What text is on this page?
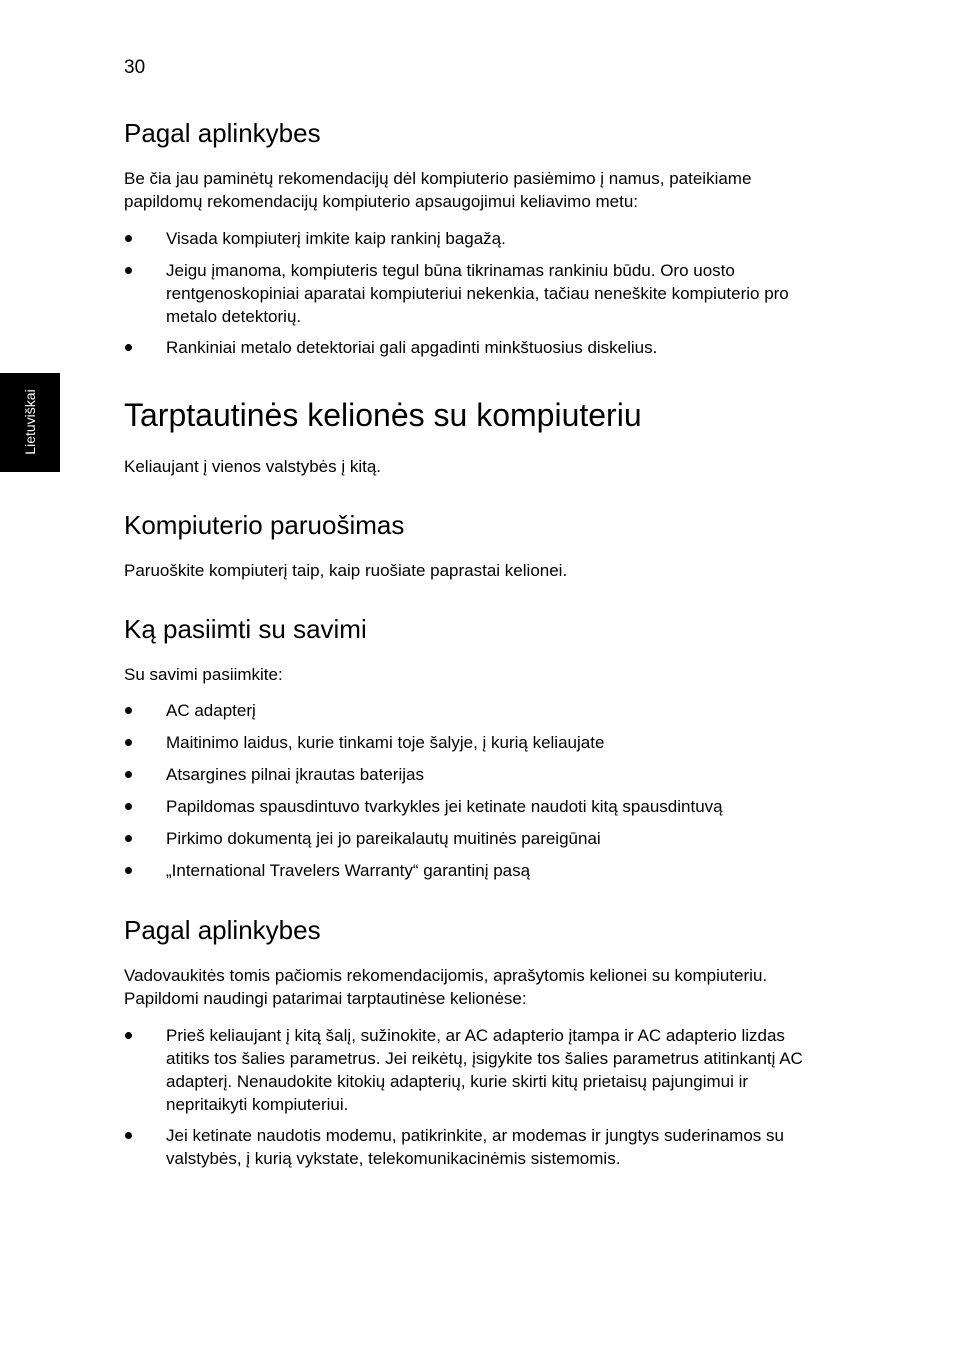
30
Lietuviškai
Pagal aplinkybes
Be čia jau paminėtų rekomendacijų dėl kompiuterio pasiėmimo į namus, pateikiame papildomų rekomendacijų kompiuterio apsaugojimui keliavimo metu:
Visada kompiuterį imkite kaip rankinį bagažą.
Jeigu įmanoma, kompiuteris tegul būna tikrinamas rankiniu būdu. Oro uosto rentgenoskopiniai aparatai kompiuteriui nekenkia, tačiau neneškite kompiuterio pro metalo detektorių.
Rankiniai metalo detektoriai gali apgadinti minkštuosius diskelius.
Tarptautinės kelionės su kompiuteriu
Keliaujant į vienos valstybės į kitą.
Kompiuterio paruošimas
Paruoškite kompiuterį taip, kaip ruošiate paprastai kelionei.
Ką pasiimti su savimi
Su savimi pasiimkite:
AC adapterį
Maitinimo laidus, kurie tinkami toje šalyje, į kurią keliaujate
Atsargines pilnai įkrautas baterijas
Papildomas spausdintuvo tvarkykles jei ketinate naudoti kitą spausdintuvą
Pirkimo dokumentą jei jo pareikalautų muitinės pareigūnai
„International Travelers Warranty“ garantinį pasą
Pagal aplinkybes
Vadovaukitės tomis pačiomis rekomendacijomis, aprašytomis kelionei su kompiuteriu. Papildomi naudingi patarimai tarptautinėse kelionėse:
Prieš keliaujant į kitą šalį, sužinokite, ar AC adapterio įtampa ir AC adapterio lizdas atitiks tos šalies parametrus. Jei reikėtų, įsigykite tos šalies parametrus atitinkantį AC adapterį. Nenaudokite kitokių adapterių, kurie skirti kitų prietaisų pajungimui ir nepritaikyti kompiuteriui.
Jei ketinate naudotis modemu, patikrinkite, ar modemas ir jungtys suderinamos su valstybės, į kurią vykstate, telekomunikacinėmis sistemomis.
